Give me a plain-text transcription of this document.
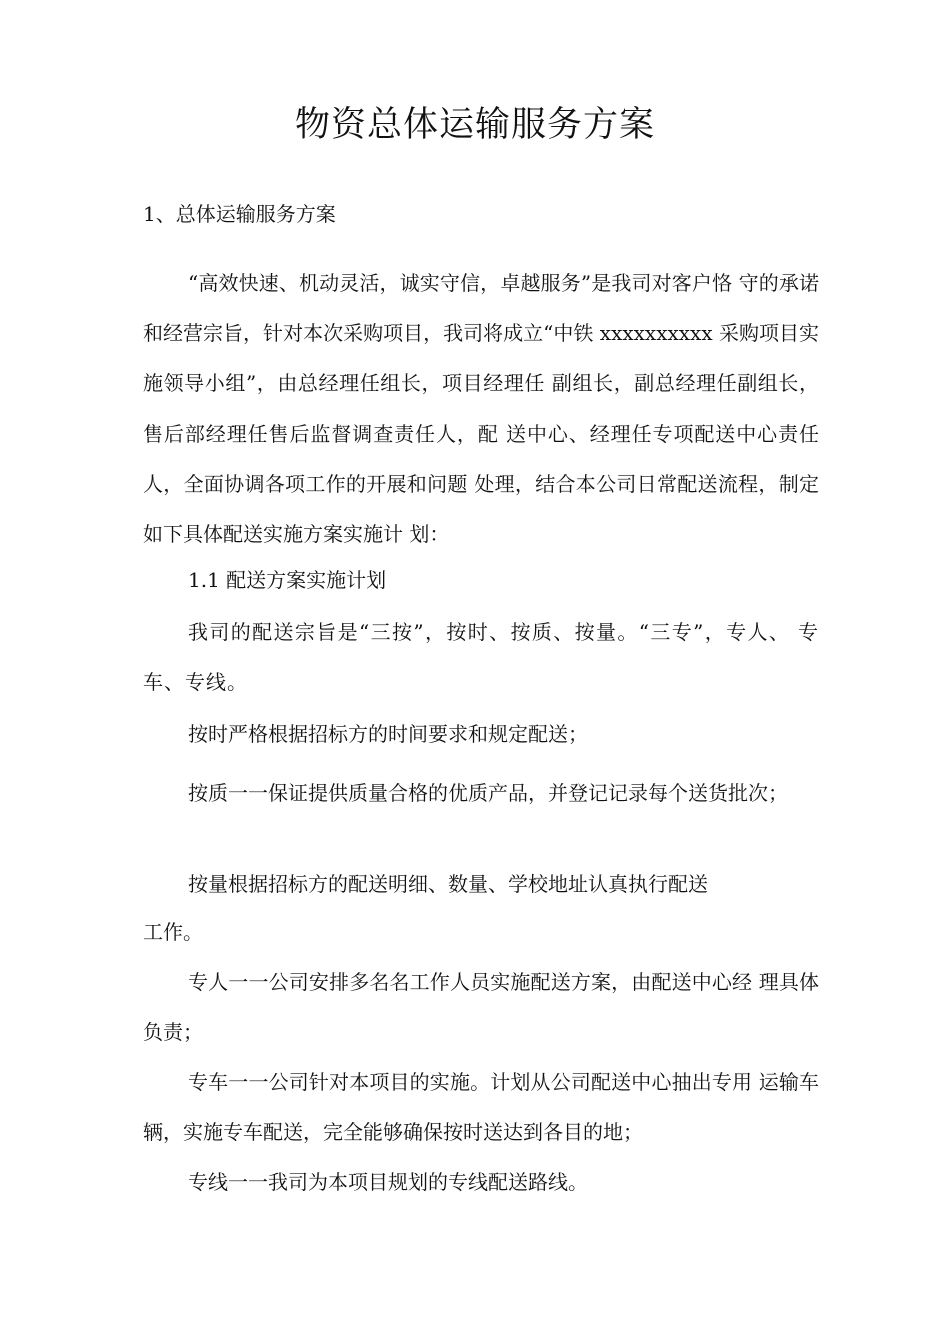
物资总体运输服务方案
1、总体运输服务方案
“高效快速、机动灵活，诚实守信，卓越服务”是我司对客户恪 守的承诺和经营宗旨，针对本次采购项目，我司将成立“中铁 xxxxxxxxxx 采购项目实施领导小组”，由总经理任组长，项目经理任 副组长，副总经理任副组长，售后部经理任售后监督调查责任人，配 送中心、经理任专项配送中心责任人，全面协调各项工作的开展和问题 处理，结合本公司日常配送流程，制定如下具体配送实施方案实施计 划：
1.1 配送方案实施计划
我司的配送宗旨是“三按”，按时、按质、按量。“三专”，专人、 专车、专线。
按时严格根据招标方的时间要求和规定配送；
按质一一保证提供质量合格的优质产品，并登记记录每个送货批次；
按量根据招标方的配送明细、数量、学校地址认真执行配送
工作。
专人一一公司安排多名名工作人员实施配送方案，由配送中心经 理具体负责；
专车一一公司针对本项目的实施。计划从公司配送中心抽出专用 运输车辆，实施专车配送，完全能够确保按时送达到各目的地；
专线一一我司为本项目规划的专线配送路线。
